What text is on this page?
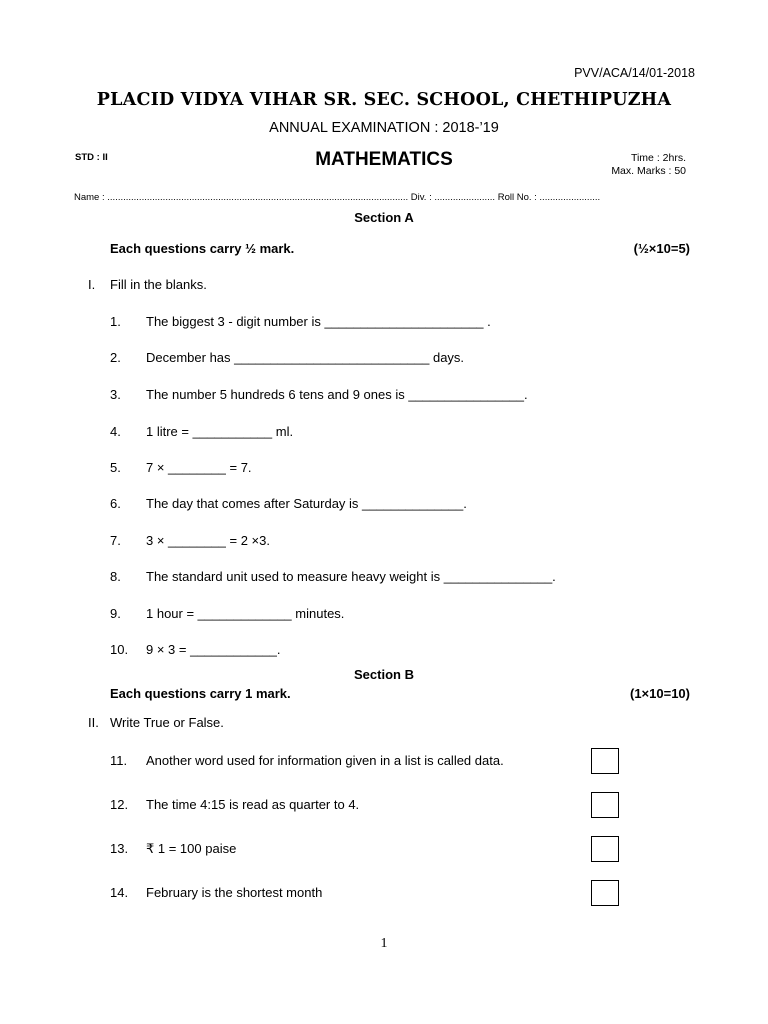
PVV/ACA/14/01-2018
PLACID VIDYA VIHAR SR. SEC. SCHOOL, CHETHIPUZHA
ANNUAL EXAMINATION : 2018-’19
STD : II	MATHEMATICS	Time : 2hrs.
Max. Marks : 50
Name : .................................................................................................................. Div. : ....................... Roll No. : .......................
Section A
Each questions carry ½ mark.	(½×10=5)
I. Fill in the blanks.
1. The biggest 3 - digit number is ______________________ .
2. December has ___________________________ days.
3. The number 5 hundreds 6 tens and 9 ones is ________________.
4. 1 litre = ___________ ml.
5. 7 × ________ = 7.
6. The day that comes after Saturday is ______________.
7. 3 × ________ = 2 ×3.
8. The standard unit used to measure heavy weight is _______________.
9. 1 hour = _____________ minutes.
10. 9 × 3 = ____________.
Section B
Each questions carry 1 mark.	(1×10=10)
II. Write True or False.
11. Another word used for information given in a list is called data.
12. The time 4:15 is read as quarter to 4.
13. ₹ 1 = 100 paise
14. February is the shortest month
1
